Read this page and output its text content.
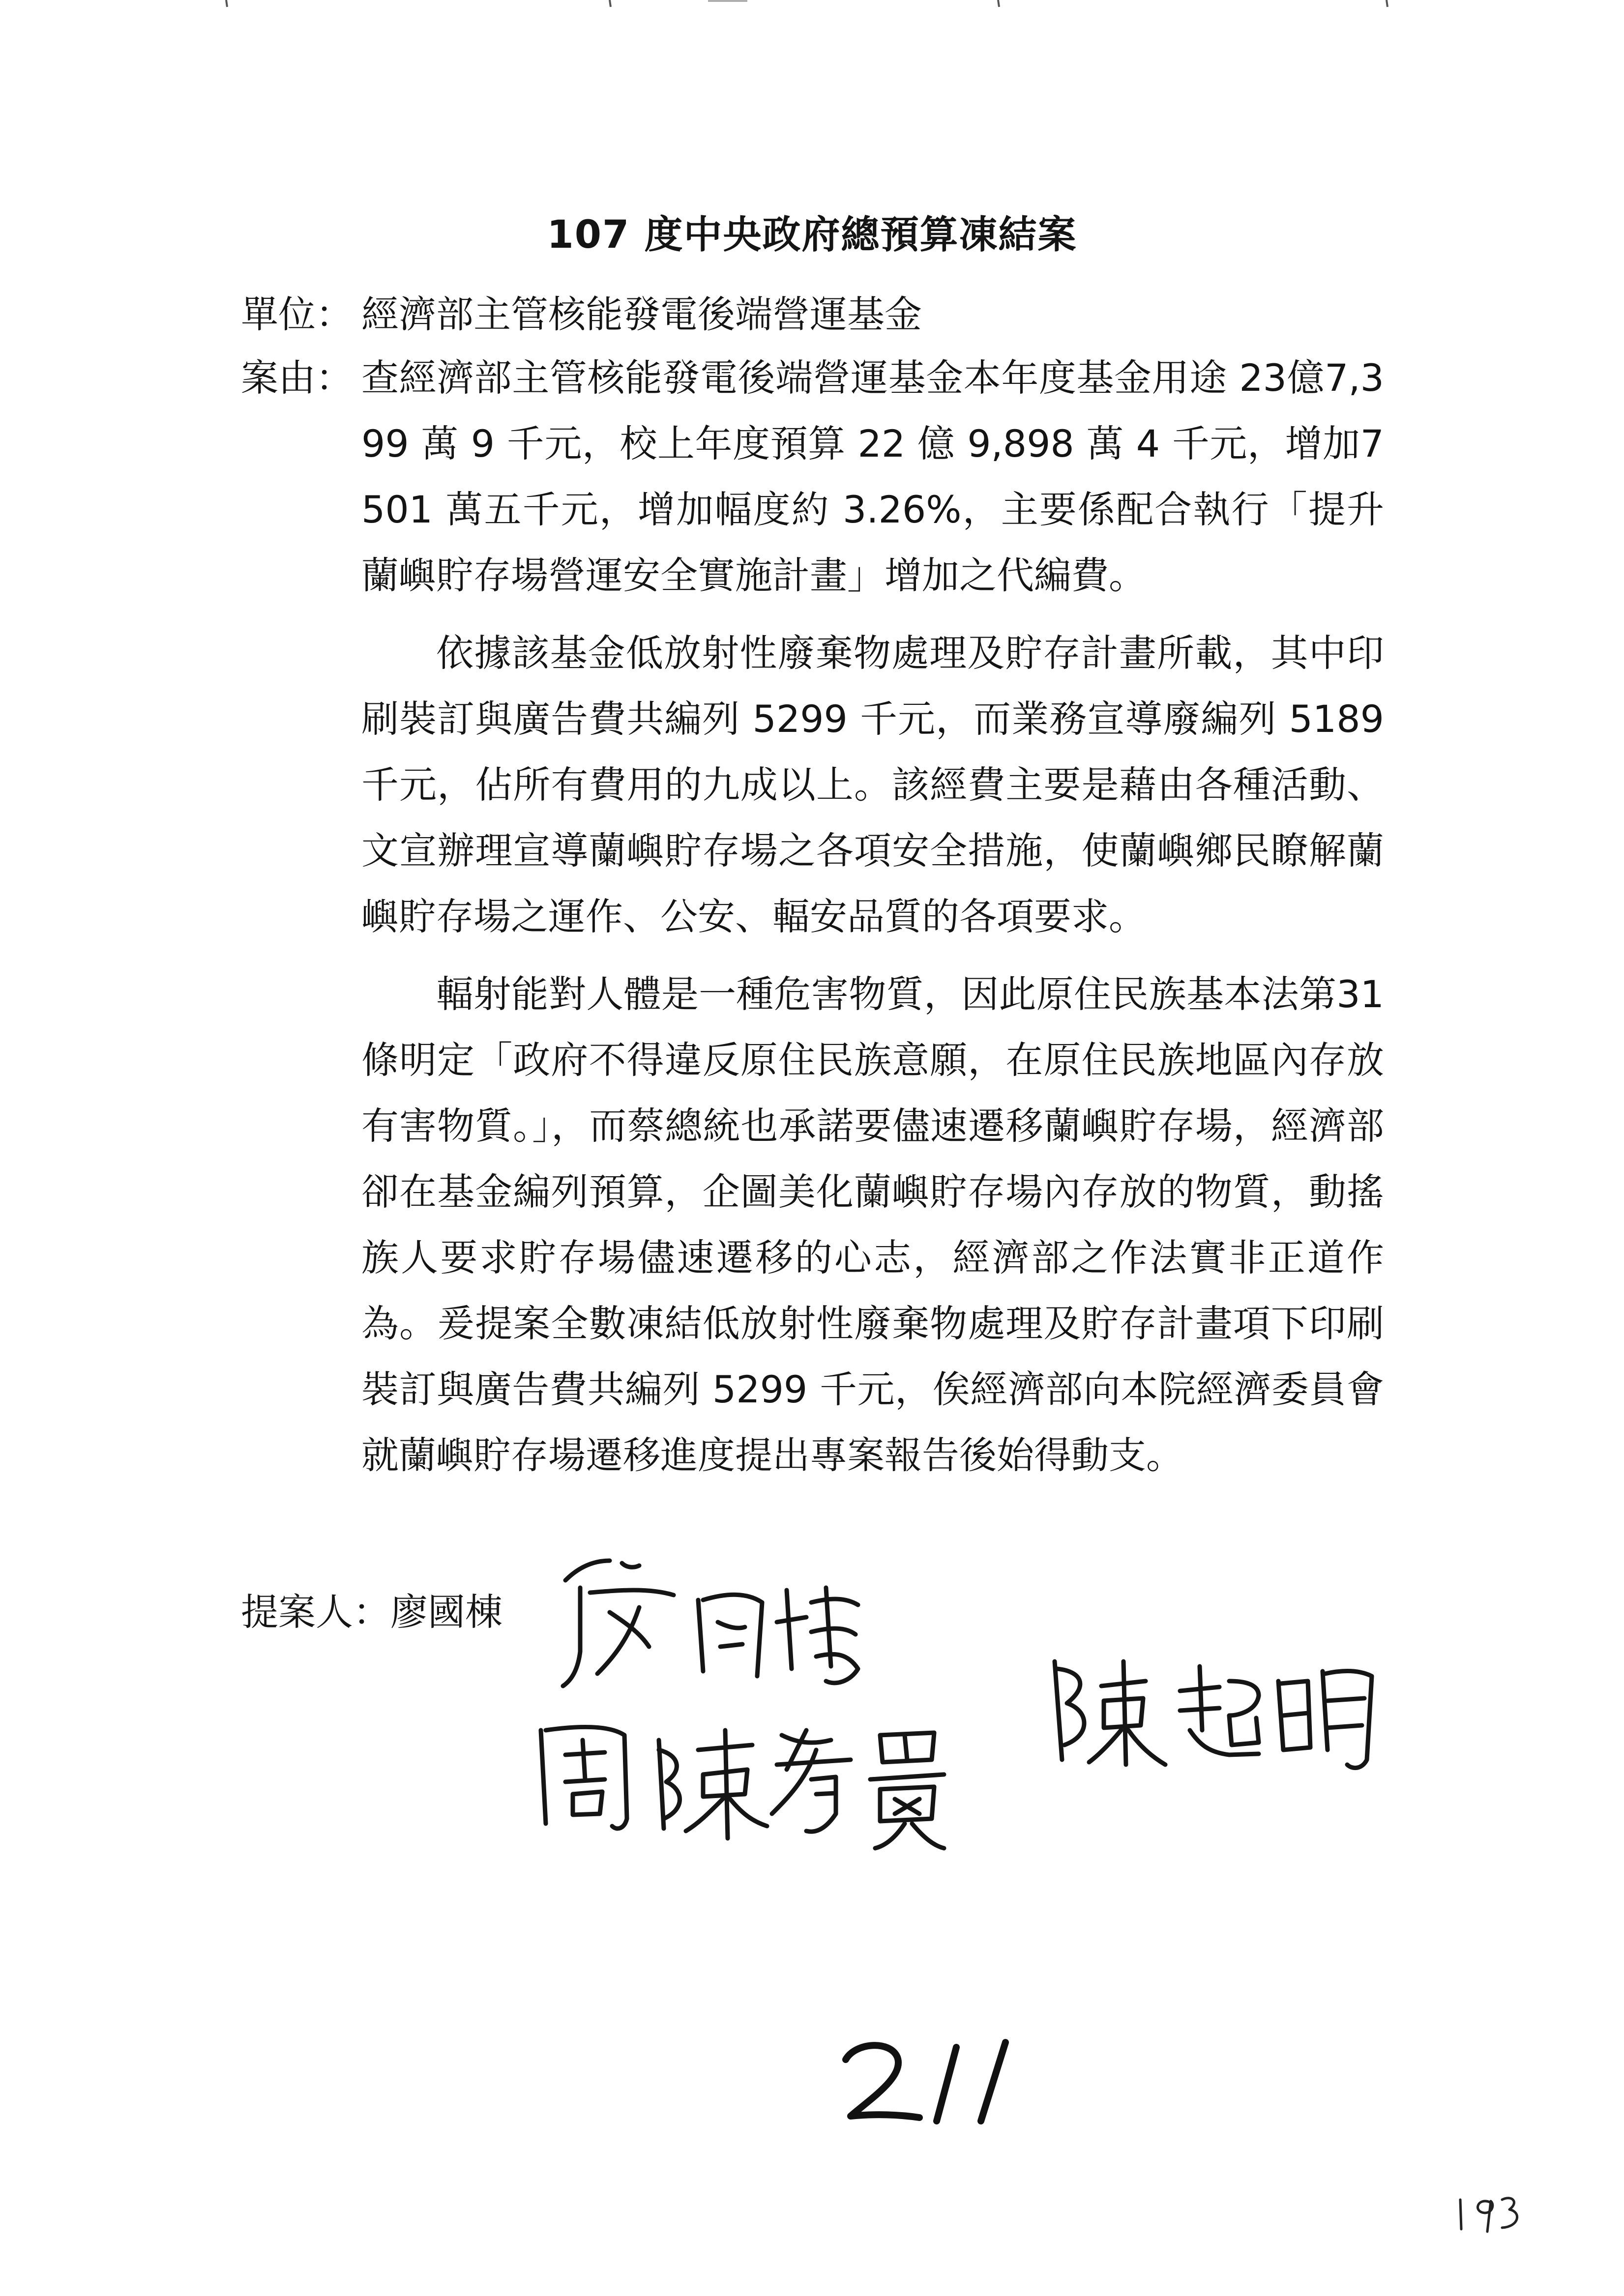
107 度中央政府總預算凍結案
單位： 經濟部主管核能發電後端營運基金
案由： 查經濟部主管核能發電後端營運基金本年度基金用途 23億7,399 萬 9 千元，校上年度預算 22 億 9,898 萬 4 千元，增加7501 萬五千元，增加幅度約 3.26%，主要係配合執行「提升蘭嶼貯存場營運安全實施計畫」增加之代編費。

依據該基金低放射性廢棄物處理及貯存計畫所載，其中印刷裝訂與廣告費共編列 5299 千元，而業務宣導廢編列 5189千元，佔所有費用的九成以上。該經費主要是藉由各種活動、文宣辦理宣導蘭嶼貯存場之各項安全措施，使蘭嶼鄉民瞭解蘭嶼貯存場之運作、公安、輻安品質的各項要求。

輻射能對人體是一種危害物質，因此原住民族基本法第31 條明定「政府不得違反原住民族意願，在原住民族地區內存放有害物質。」，而蔡總統也承諾要儘速遷移蘭嶼貯存場，經濟部卻在基金編列預算，企圖美化蘭嶼貯存場內存放的物質，動搖族人要求貯存場儘速遷移的心志，經濟部之作法實非正道作為。爰提案全數凍結低放射性廢棄物處理及貯存計畫項下印刷裝訂與廣告費共編列 5299 千元，俟經濟部向本院經濟委員會就蘭嶼貯存場遷移進度提出專案報告後始得動支。

提案人：廖國棟
